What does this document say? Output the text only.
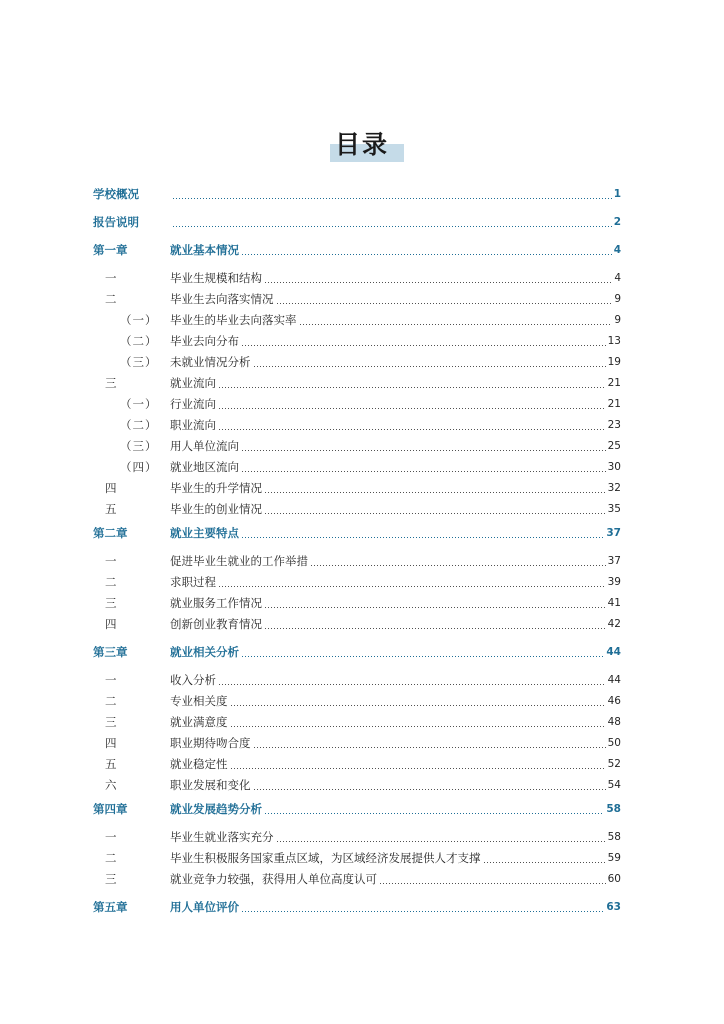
目录
学校概况	1
报告说明	2
第一章	就业基本情况	4
一	毕业生规模和结构	4
二	毕业生去向落实情况	9
（一） 毕业生的毕业去向落实率	9
（二） 毕业去向分布	13
（三） 未就业情况分析	19
三	就业流向	21
（一） 行业流向	21
（二） 职业流向	23
（三） 用人单位流向	25
（四） 就业地区流向	30
四	毕业生的升学情况	32
五	毕业生的创业情况	35
第二章	就业主要特点	37
一	促进毕业生就业的工作举措	37
二	求职过程	39
三	就业服务工作情况	41
四	创新创业教育情况	42
第三章	就业相关分析	44
一	收入分析	44
二	专业相关度	46
三	就业满意度	48
四	职业期待吻合度	50
五	就业稳定性	52
六	职业发展和变化	54
第四章	就业发展趋势分析	58
一	毕业生就业落实充分	58
二	毕业生积极服务国家重点区域，为区域经济发展提供人才支撑	59
三	就业竞争力较强，获得用人单位高度认可	60
第五章	用人单位评价	63
